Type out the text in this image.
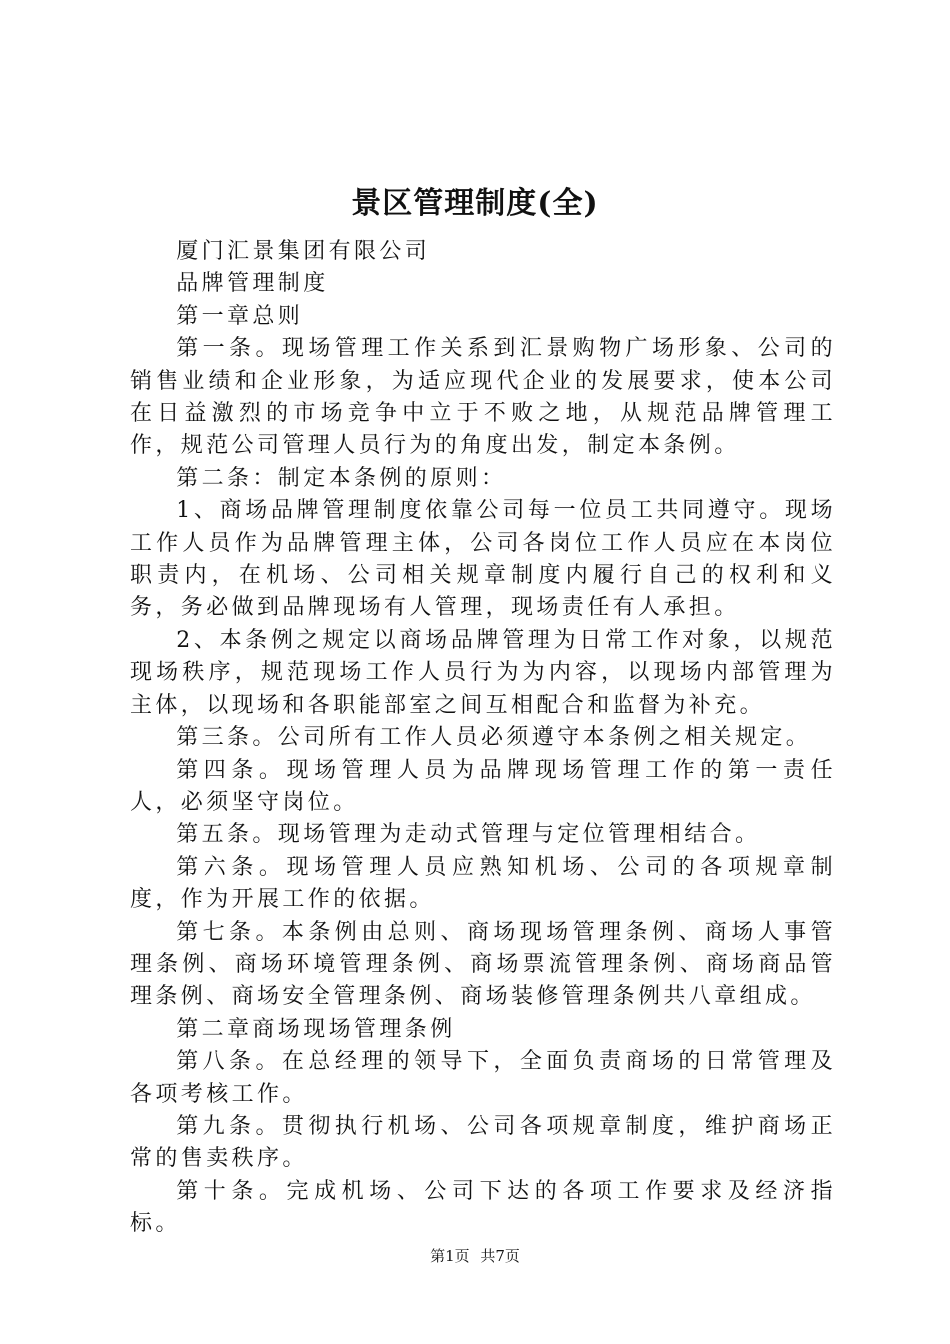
景区管理制度(全)

厦门汇景集团有限公司

品牌管理制度

第一章总则

第一条。现场管理工作关系到汇景购物广场形象、公司的销售业绩和企业形象，为适应现代企业的发展要求，使本公司在日益激烈的市场竞争中立于不败之地，从规范品牌管理工作，规范公司管理人员行为的角度出发，制定本条例。

第二条：制定本条例的原则：

1、商场品牌管理制度依靠公司每一位员工共同遵守。现场工作人员作为品牌管理主体，公司各岗位工作人员应在本岗位职责内，在机场、公司相关规章制度内履行自己的权利和义务，务必做到品牌现场有人管理，现场责任有人承担。

2、本条例之规定以商场品牌管理为日常工作对象，以规范现场秩序，规范现场工作人员行为为内容，以现场内部管理为主体，以现场和各职能部室之间互相配合和监督为补充。

第三条。公司所有工作人员必须遵守本条例之相关规定。

第四条。现场管理人员为品牌现场管理工作的第一责任人，必须坚守岗位。

第五条。现场管理为走动式管理与定位管理相结合。

第六条。现场管理人员应熟知机场、公司的各项规章制度，作为开展工作的依据。

第七条。本条例由总则、商场现场管理条例、商场人事管理条例、商场环境管理条例、商场票流管理条例、商场商品管理条例、商场安全管理条例、商场装修管理条例共八章组成。

第二章商场现场管理条例

第八条。在总经理的领导下，全面负责商场的日常管理及各项考核工作。

第九条。贯彻执行机场、公司各项规章制度，维护商场正常的售卖秩序。

第十条。完成机场、公司下达的各项工作要求及经济指标。

第1页 共7页
